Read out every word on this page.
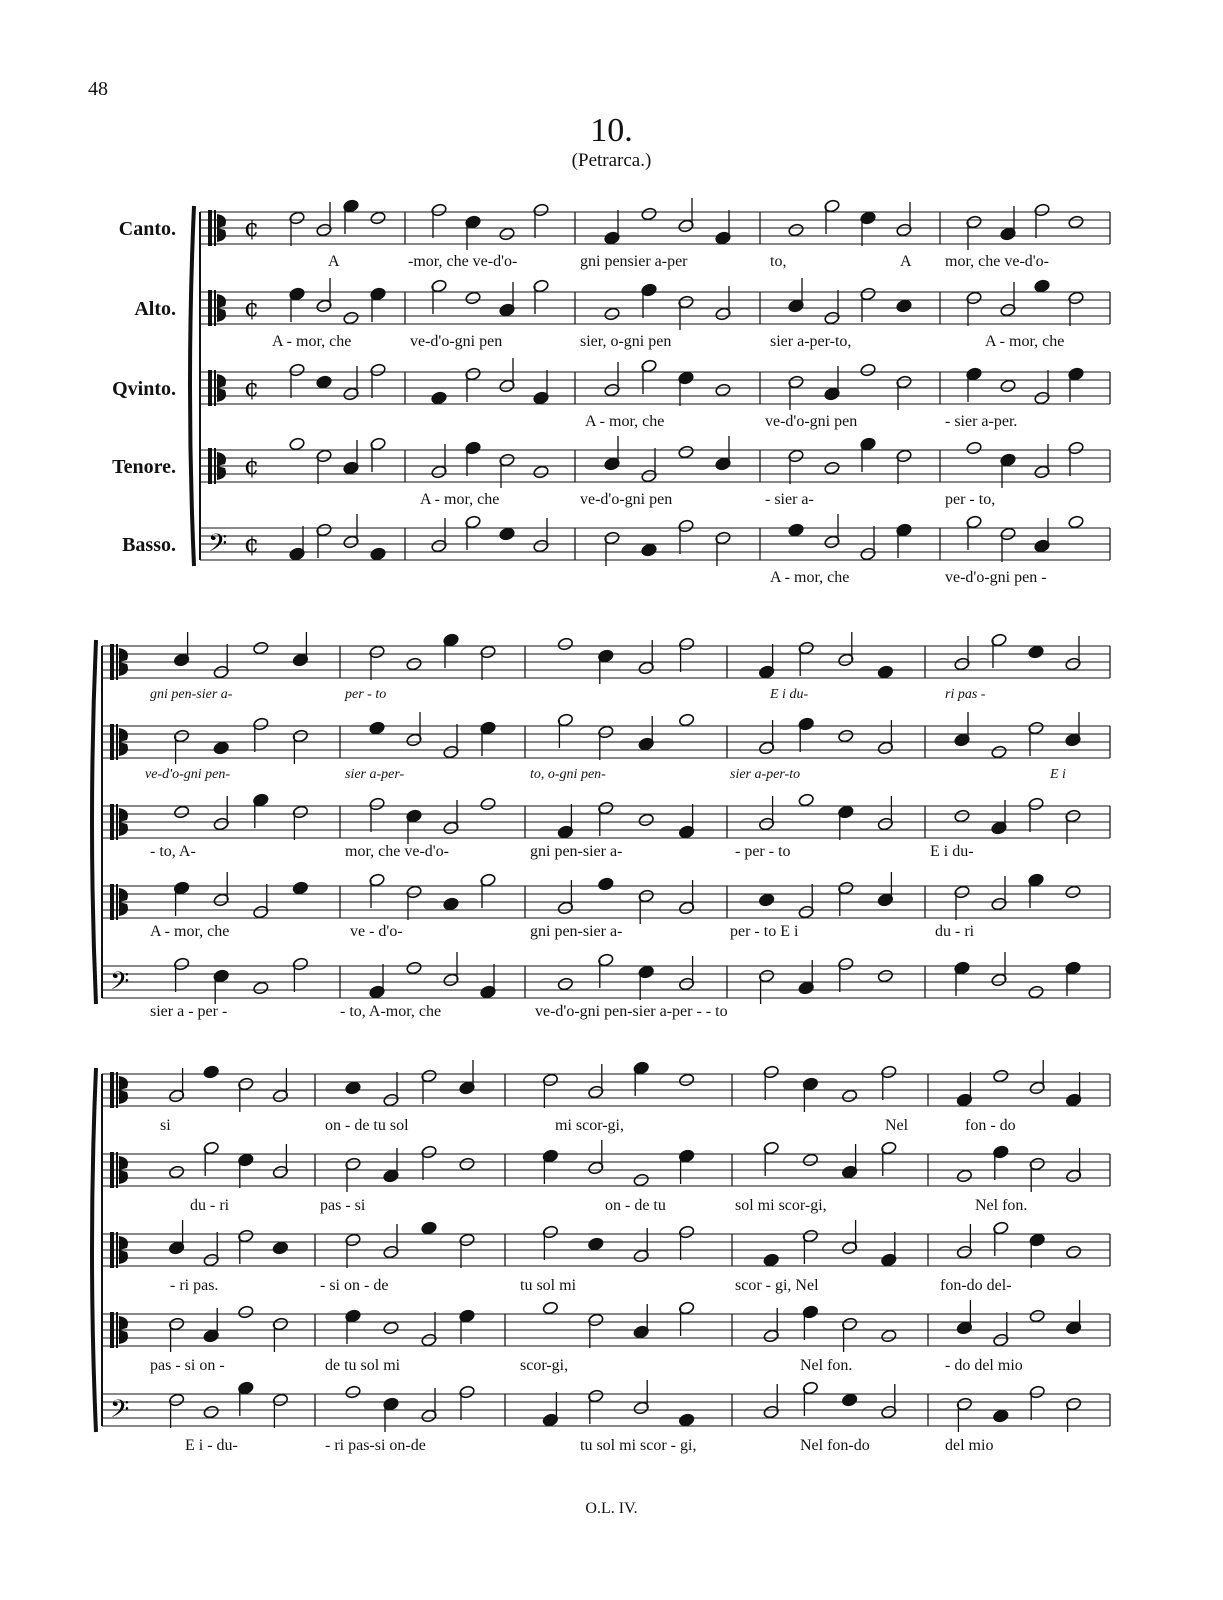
48
10.
(Petrarca.)
Canto.
Alto.
Qvinto.
Tenore.
Basso.
¢
A	-mor, che ve-d'o-	gni pensier a-per	to,	A mor, che ve-d'o-
¢
A - mor, che	ve-d'o-gni pen	sier, o-gni pen	sier a-per-to,	A - mor, che
¢
A - mor, che	ve-d'o-gni pen	- sier a-per.
¢
A - mor, che	ve-d'o-gni pen	- sier a-	per - to,
𝄢 ¢
A - mor, che	ve-d'o-gni pen -
gni pen-sier a-	per - to	E i du-	ri pas -
ve-d'o-gni pen-	sier a-per-	to, o-gni pen-	sier a-per-to	E i
- to, A-	mor, che ve-d'o-	gni pen-sier a-	- per - to	E i du-
A - mor, che	ve - d'o-	gni pen-sier a-	per - to E i	du - ri
𝄢
sier a - per -	- to, A-mor, che	ve-d'o-gni pen-sier a-per - - to
si	on - de tu sol	mi scor-gi,	Nel	fon - do
du - ri	pas - si	on - de tu	sol mi scor-gi,	Nel fon.
- ri pas.	- si on - de	tu sol mi	scor - gi, Nel	fon-do del-
pas - si on -	de tu sol mi	scor-gi,	Nel fon.	- do del mio
𝄢
E i - du-	- ri pas-si on-de	tu sol mi scor - gi,	Nel fon-do	del mio
O.L. IV.
